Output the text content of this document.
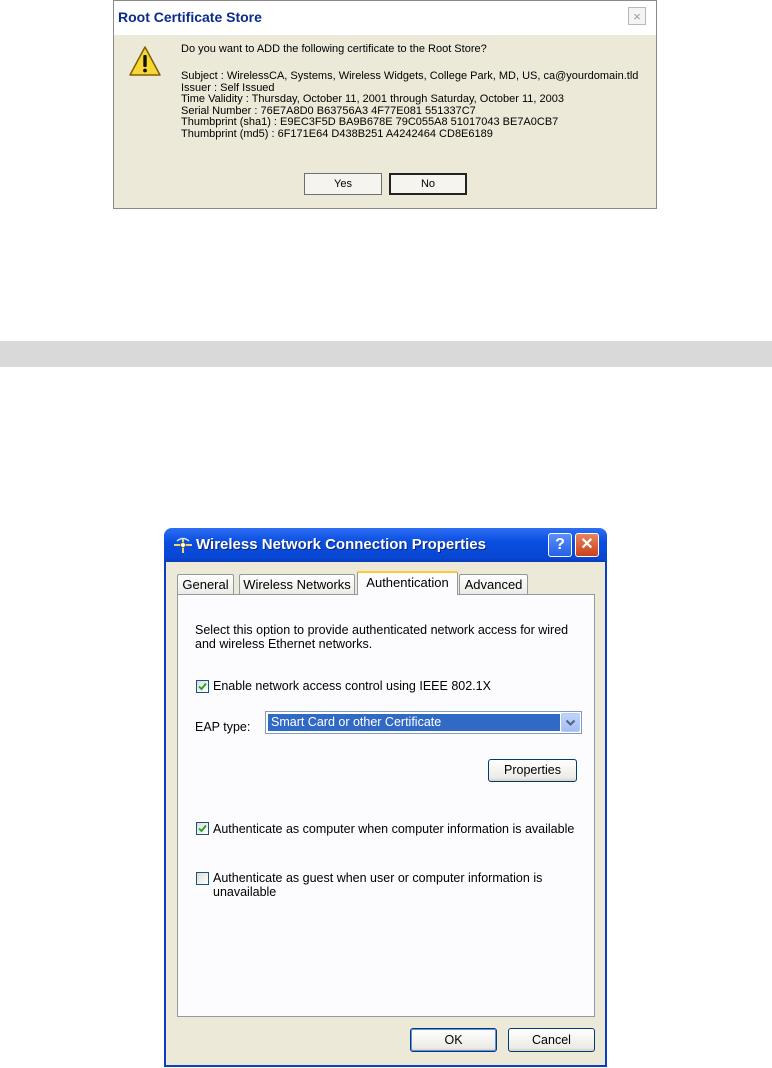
Root Certificate Store	×
Do you want to ADD the following certificate to the Root Store?
Subject : WirelessCA, Systems, Wireless Widgets, College Park, MD, US, ca@yourdomain.tld
Issuer : Self Issued
Time Validity : Thursday, October 11, 2001 through Saturday, October 11, 2003
Serial Number : 76E7A8D0 B63756A3 4F77E081 551337C7
Thumbprint (sha1) : E9EC3F5D BA9B678E 79C055A8 51017043 BE7A0CB7
Thumbprint (md5) : 6F171E64 D438B251 A4242464 CD8E6189
Yes	No
Wireless Network Connection Properties	? ✕
General	Wireless Networks	Authentication	Advanced

Select this option to provide authenticated network access for wired and wireless Ethernet networks.

Enable network access control using IEEE 802.1X
EAP type: Smart Card or other Certificate
Properties
Authenticate as computer when computer information is available
Authenticate as guest when user or computer information is unavailable
OK	Cancel
